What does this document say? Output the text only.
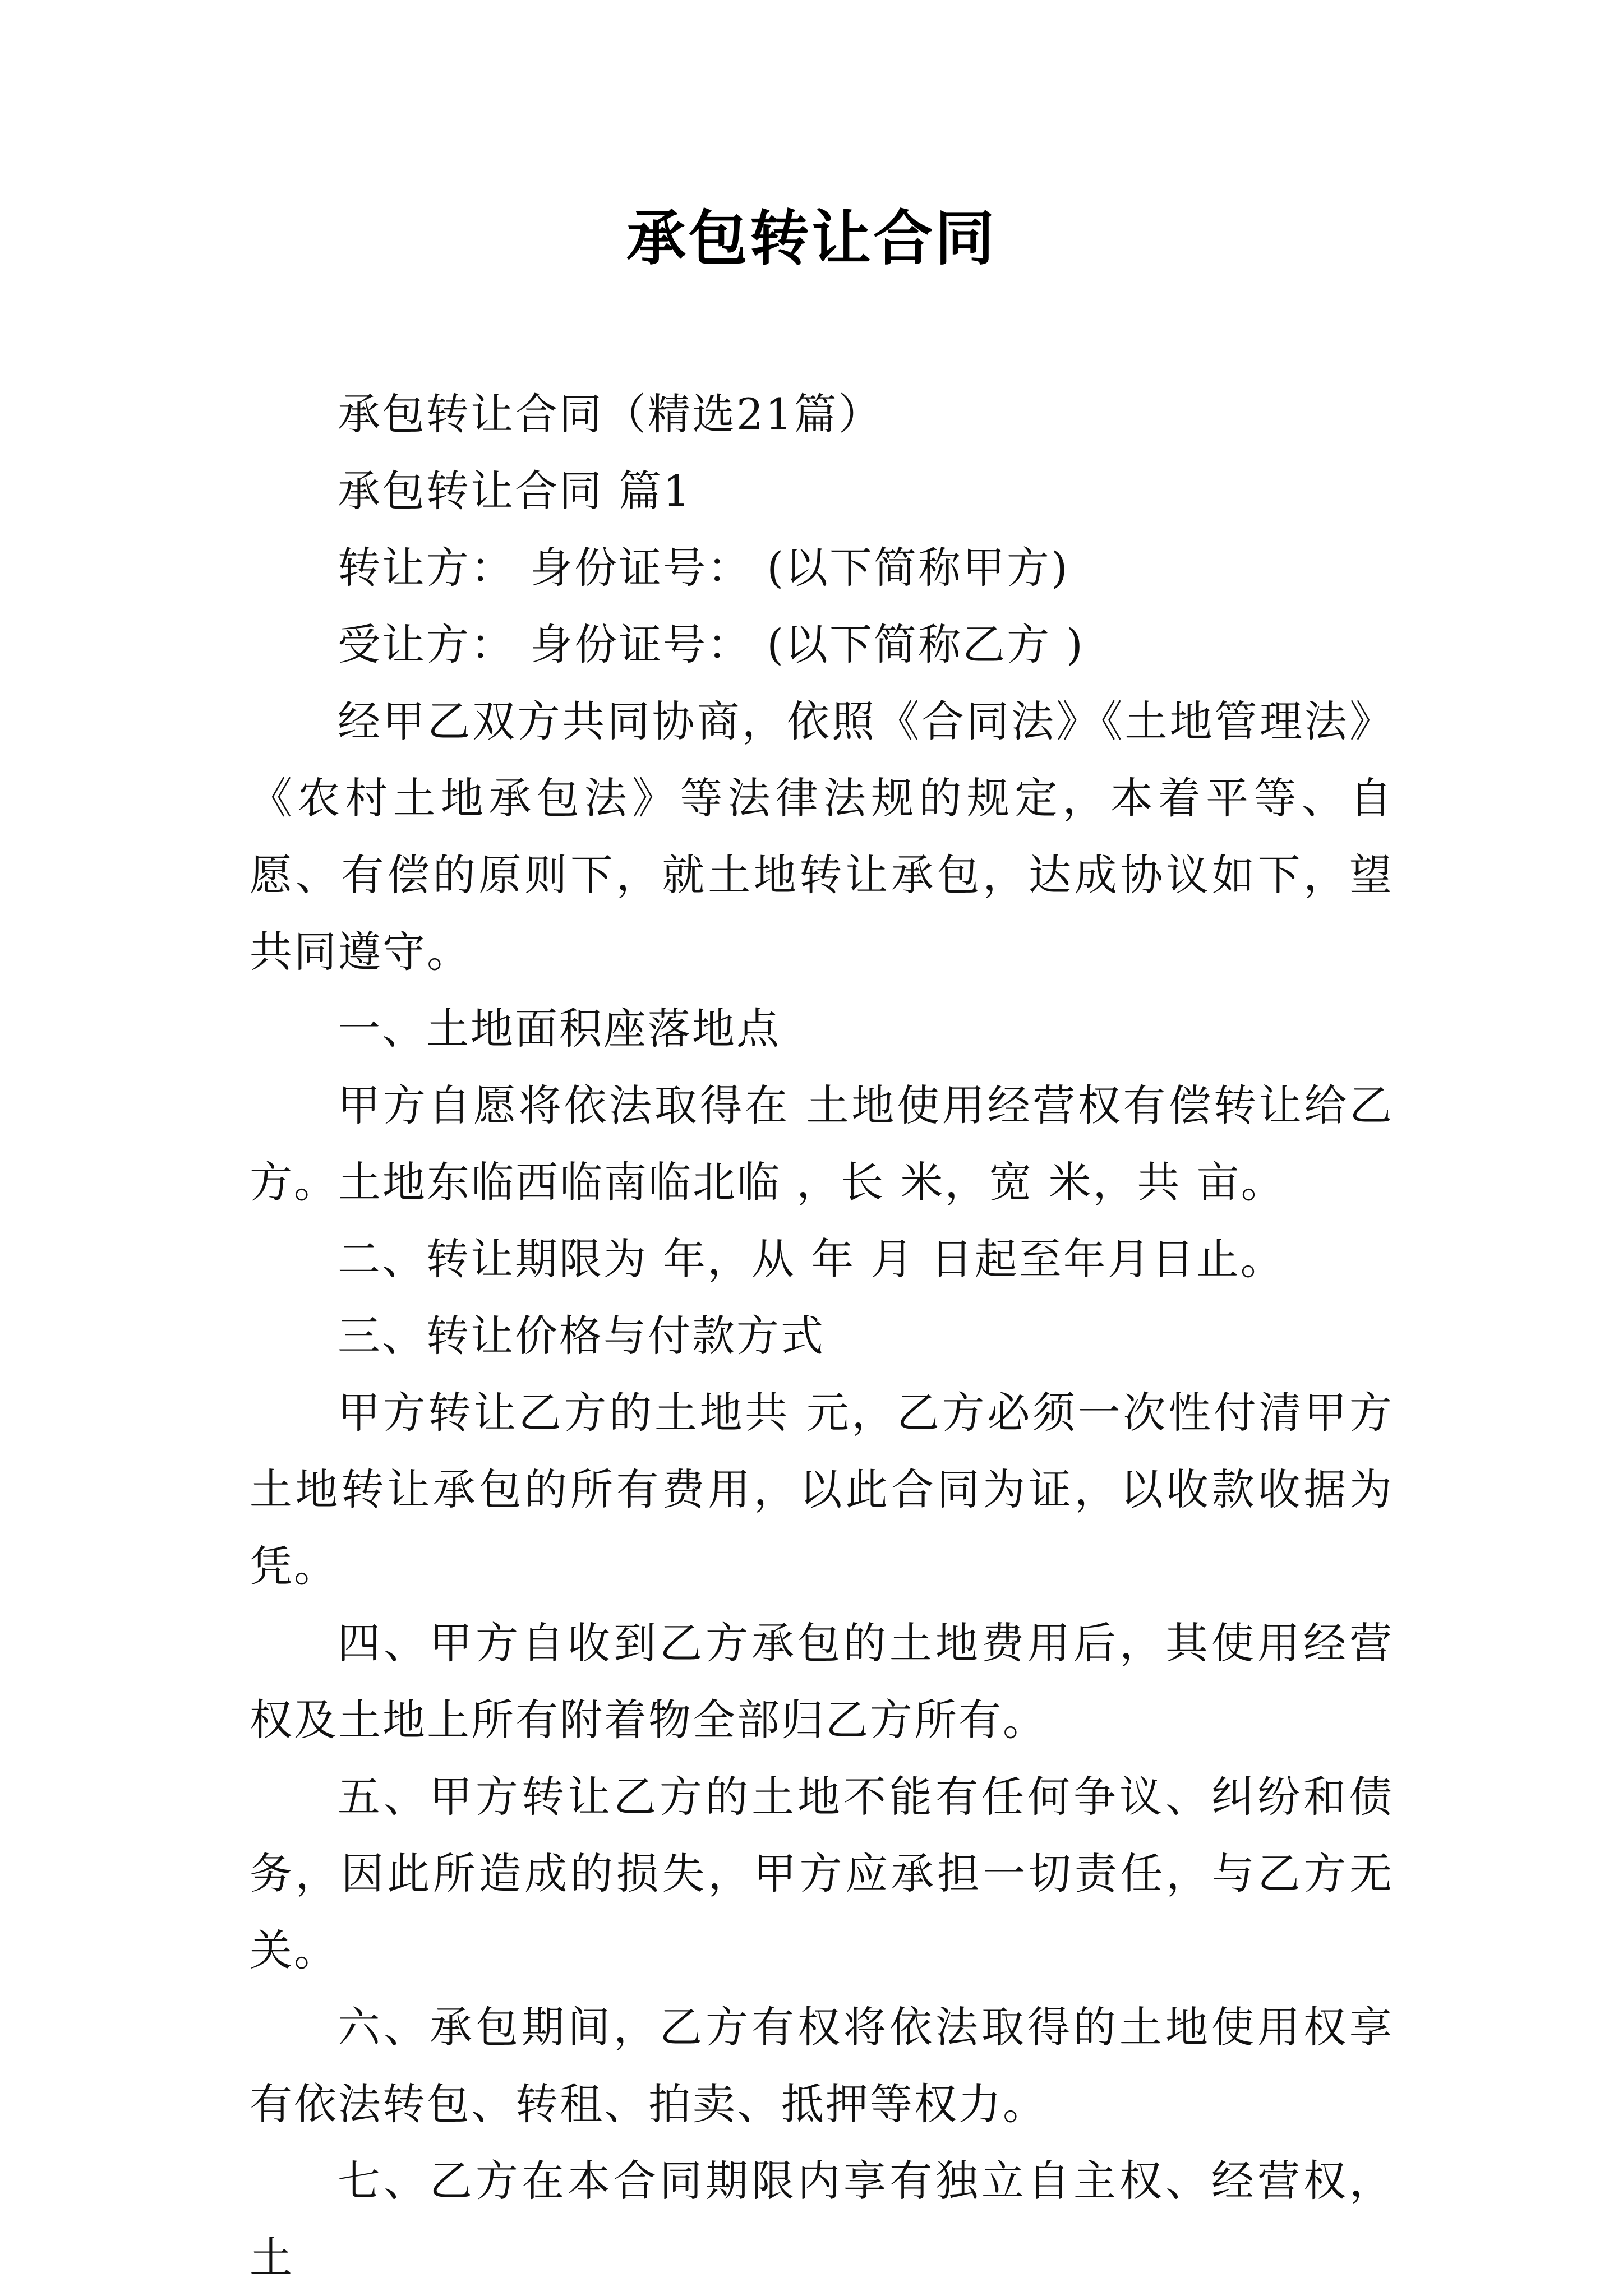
承包转让合同

承包转让合同（精选21篇）

承包转让合同 篇1

转让方： 身份证号： (以下简称甲方)

受让方： 身份证号： (以下简称乙方 )

经甲乙双方共同协商，依照《合同法》《土地管理法》《农村土地承包法》等法律法规的规定，本着平等、自愿、有偿的原则下，就土地转让承包，达成协议如下，望共同遵守。

一、土地面积座落地点

甲方自愿将依法取得在 土地使用经营权有偿转让给乙方。土地东临西临南临北临 ，长 米，宽 米，共 亩。

二、转让期限为 年，从 年 月 日起至年月日止。

三、转让价格与付款方式

甲方转让乙方的土地共 元，乙方必须一次性付清甲方土地转让承包的所有费用，以此合同为证，以收款收据为凭。

四、甲方自收到乙方承包的土地费用后，其使用经营权及土地上所有附着物全部归乙方所有。

五、甲方转让乙方的土地不能有任何争议、纠纷和债务，因此所造成的损失，甲方应承担一切责任，与乙方无关。

六、承包期间，乙方有权将依法取得的土地使用权享有依法转包、转租、拍卖、抵押等权力。

七、乙方在本合同期限内享有独立自主权、经营权，土
